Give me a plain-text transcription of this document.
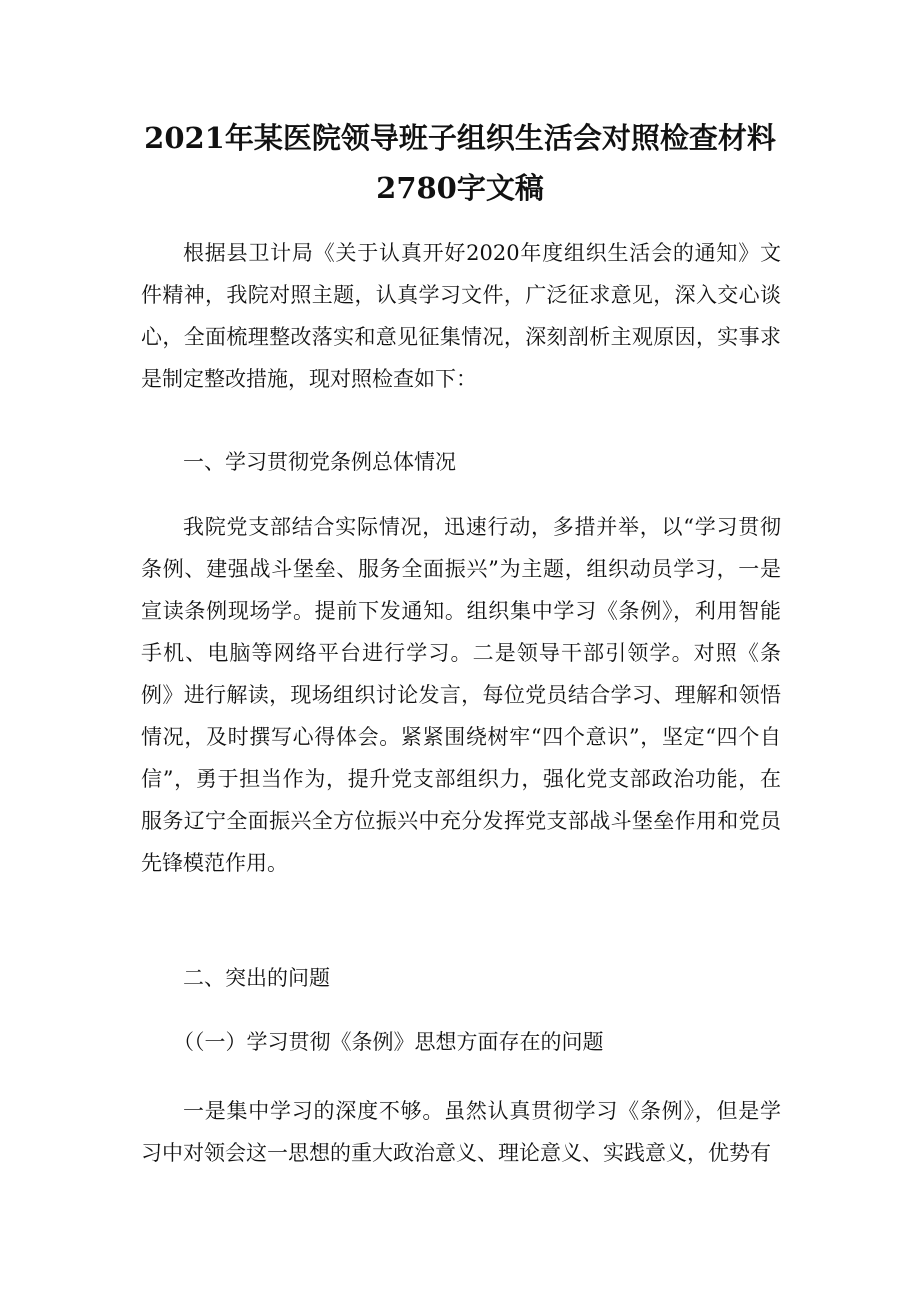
2021年某医院领导班子组织生活会对照检查材料
2780字文稿

根据县卫计局《关于认真开好2020年度组织生活会的通知》文件精神，我院对照主题，认真学习文件，广泛征求意见，深入交心谈心，全面梳理整改落实和意见征集情况，深刻剖析主观原因，实事求是制定整改措施，现对照检查如下：

一、学习贯彻党条例总体情况

我院党支部结合实际情况，迅速行动，多措并举，以“学习贯彻条例、建强战斗堡垒、服务全面振兴”为主题，组织动员学习，一是宣读条例现场学。提前下发通知。组织集中学习《条例》，利用智能手机、电脑等网络平台进行学习。二是领导干部引领学。对照《条例》进行解读，现场组织讨论发言，每位党员结合学习、理解和领悟情况，及时撰写心得体会。紧紧围绕树牢“四个意识”，坚定“四个自信”，勇于担当作为，提升党支部组织力，强化党支部政治功能，在服务辽宁全面振兴全方位振兴中充分发挥党支部战斗堡垒作用和党员先锋模范作用。

二、突出的问题

（（一）学习贯彻《条例》思想方面存在的问题

一是集中学习的深度不够。虽然认真贯彻学习《条例》，但是学习中对领会这一思想的重大政治意义、理论意义、实践意义，优势有
